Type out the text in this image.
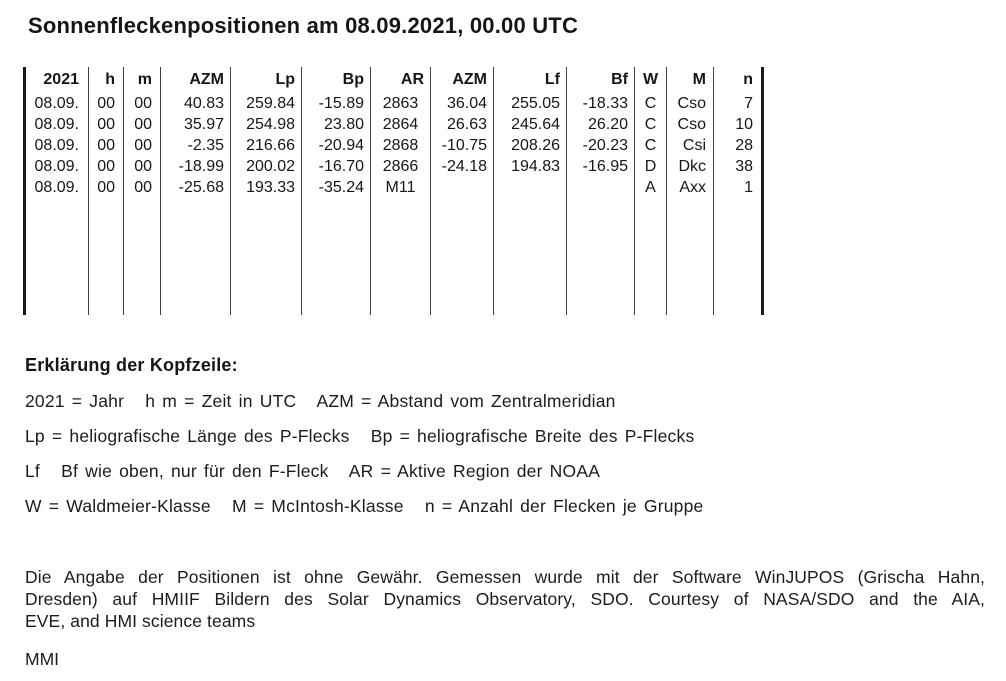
Sonnenfleckenpositionen am 08.09.2021, 00.00 UTC
2021
08.09.
08.09.
08.09.
08.09.
08.09.
h
00
00
00
00
00
m
00
00
00
00
00
AZM
40.83
35.97
-2.35
-18.99
-25.68
Lp
259.84
254.98
216.66
200.02
193.33
Bp
-15.89
23.80
-20.94
-16.70
-35.24
AR
2863
2864
2868
2866
M11
AZM
36.04
26.63
-10.75
-24.18
Lf
255.05
245.64
208.26
194.83
Bf
-18.33
26.20
-20.23
-16.95
W
C
C
C
D
A
M
Cso
Cso
Csi
Dkc
Axx
n
7
10
28
38
1
Erklärung der Kopfzeile:
2021 = Jahr   h m = Zeit in UTC   AZM = Abstand vom Zentralmeridian
Lp = heliografische Länge des P-Flecks   Bp = heliografische Breite des P-Flecks
Lf   Bf wie oben, nur für den F-Fleck   AR = Aktive Region der NOAA
W = Waldmeier-Klasse   M = McIntosh-Klasse   n = Anzahl der Flecken je Gruppe
Die Angabe der Positionen ist ohne Gewähr. Gemessen wurde mit der Software WinJUPOS (Grischa Hahn,
Dresden) auf HMIIF Bildern des Solar Dynamics Observatory, SDO. Courtesy of NASA/SDO and the AIA,
EVE, and HMI science teams
MMI
